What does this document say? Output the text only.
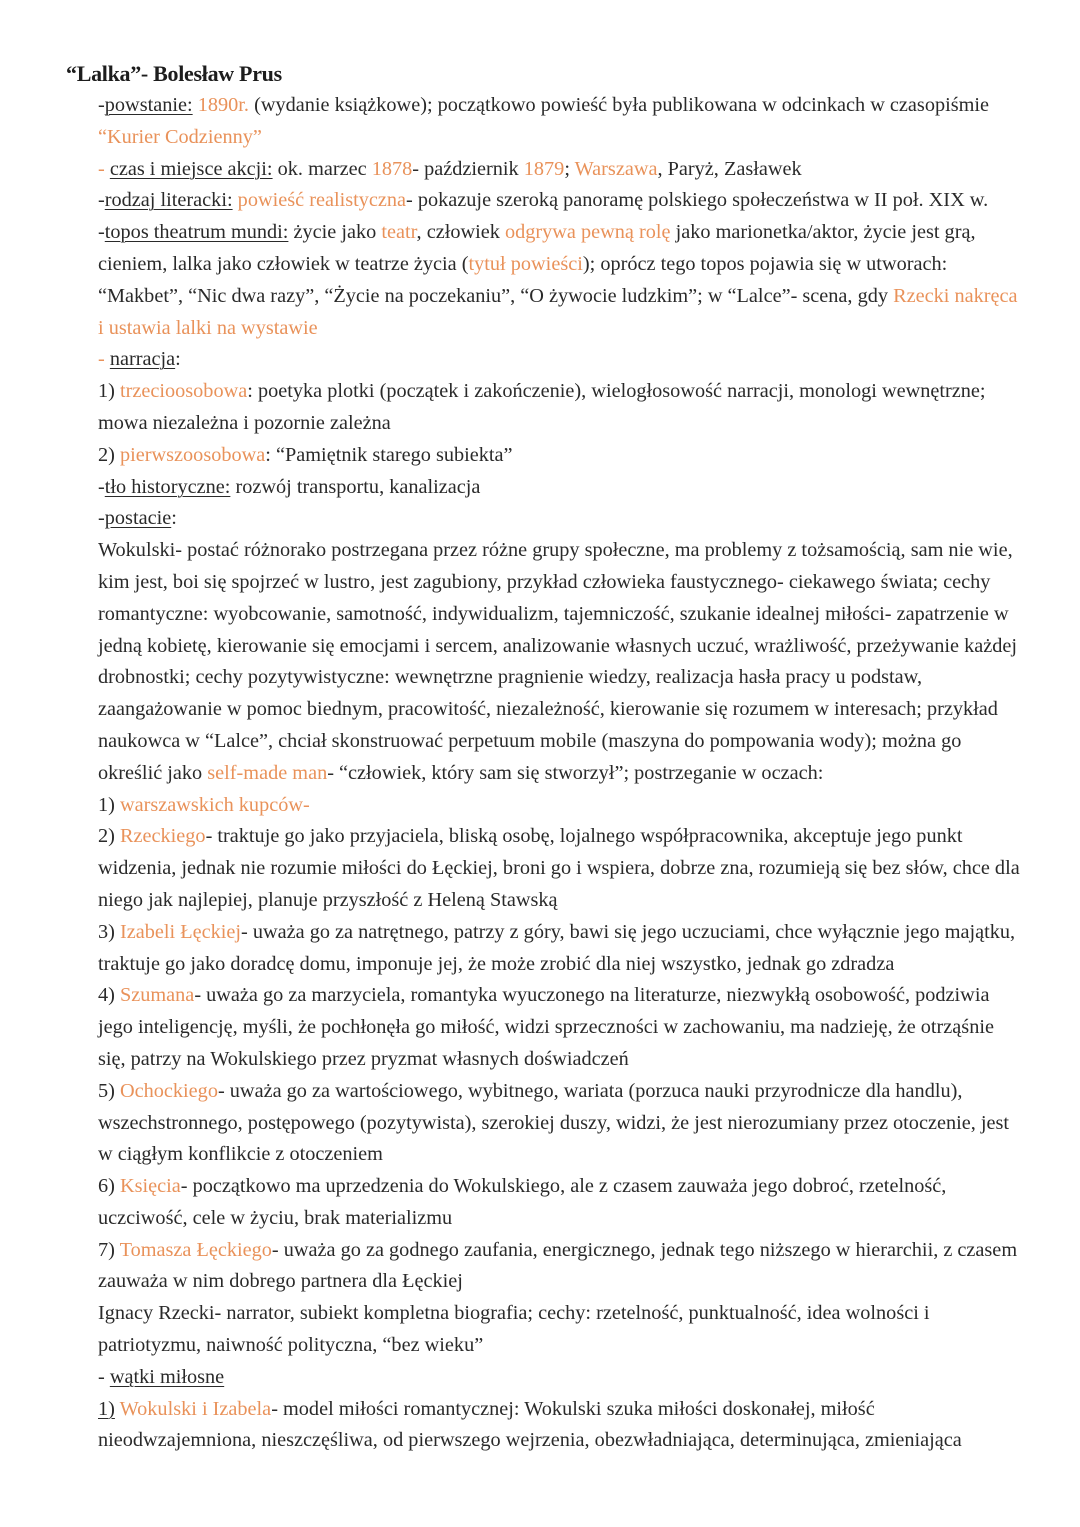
“Lalka”- Bolesław Prus

-powstanie: 1890r. (wydanie książkowe); początkowo powieść była publikowana w odcinkach w czasopiśmie “Kurier Codzienny”

- czas i miejsce akcji: ok. marzec 1878- październik 1879; Warszawa, Paryż, Zasławek

-rodzaj literacki: powieść realistyczna- pokazuje szeroką panoramę polskiego społeczeństwa w II poł. XIX w.

-topos theatrum mundi: życie jako teatr, człowiek odgrywa pewną rolę jako marionetka/aktor, życie jest grą, cieniem, lalka jako człowiek w teatrze życia (tytuł powieści); oprócz tego topos pojawia się w utworach: “Makbet”, “Nic dwa razy”, “Życie na poczekaniu”, “O żywocie ludzkim”; w “Lalce”- scena, gdy Rzecki nakręca i ustawia lalki na wystawie

- narracja:

1) trzecioosobowa: poetyka plotki (początek i zakończenie), wielogłosowość narracji, monologi wewnętrzne; mowa niezależna i pozornie zależna

2) pierwszoosobowa: “Pamiętnik starego subiekta”

-tło historyczne: rozwój transportu, kanalizacja

-postacie:

Wokulski- postać różnorako postrzegana przez różne grupy społeczne, ma problemy z tożsamością, sam nie wie, kim jest, boi się spojrzeć w lustro, jest zagubiony, przykład człowieka faustycznego- ciekawego świata; cechy romantyczne: wyobcowanie, samotność, indywidualizm, tajemniczość, szukanie idealnej miłości- zapatrzenie w jedną kobietę, kierowanie się emocjami i sercem, analizowanie własnych uczuć, wrażliwość, przeżywanie każdej drobnostki; cechy pozytywistyczne: wewnętrzne pragnienie wiedzy, realizacja hasła pracy u podstaw, zaangażowanie w pomoc biednym, pracowitość, niezależność, kierowanie się rozumem w interesach; przykład naukowca w “Lalce”, chciał skonstruować perpetuum mobile (maszyna do pompowania wody); można go określić jako self-made man- “człowiek, który sam się stworzył”; postrzeganie w oczach:

1) warszawskich kupców-

2) Rzeckiego- traktuje go jako przyjaciela, bliską osobę, lojalnego współpracownika, akceptuje jego punkt widzenia, jednak nie rozumie miłości do Łęckiej, broni go i wspiera, dobrze zna, rozumieją się bez słów, chce dla niego jak najlepiej, planuje przyszłość z Heleną Stawską

3) Izabeli Łęckiej- uważa go za natrętnego, patrzy z góry, bawi się jego uczuciami, chce wyłącznie jego majątku, traktuje go jako doradcę domu, imponuje jej, że może zrobić dla niej wszystko, jednak go zdradza

4) Szumana- uważa go za marzyciela, romantyka wyuczonego na literaturze, niezwykłą osobowość, podziwia jego inteligencję, myśli, że pochłonęła go miłość, widzi sprzeczności w zachowaniu, ma nadzieję, że otrząśnie się, patrzy na Wokulskiego przez pryzmat własnych doświadczeń

5) Ochockiego- uważa go za wartościowego, wybitnego, wariata (porzuca nauki przyrodnicze dla handlu), wszechstronnego, postępowego (pozytywista), szerokiej duszy, widzi, że jest nierozumiany przez otoczenie, jest w ciągłym konflikcie z otoczeniem

6) Księcia- początkowo ma uprzedzenia do Wokulskiego, ale z czasem zauważa jego dobroć, rzetelność, uczciwość, cele w życiu, brak materializmu

7) Tomasza Łęckiego- uważa go za godnego zaufania, energicznego, jednak tego niższego w hierarchii, z czasem zauważa w nim dobrego partnera dla Łęckiej

Ignacy Rzecki- narrator, subiekt kompletna biografia; cechy: rzetelność, punktualność, idea wolności i patriotyzmu, naiwność polityczna, “bez wieku”

- wątki miłosne

1) Wokulski i Izabela- model miłości romantycznej: Wokulski szuka miłości doskonałej, miłość nieodwzajemniona, nieszczęśliwa, od pierwszego wejrzenia, obezwładniająca, determinująca, zmieniająca
